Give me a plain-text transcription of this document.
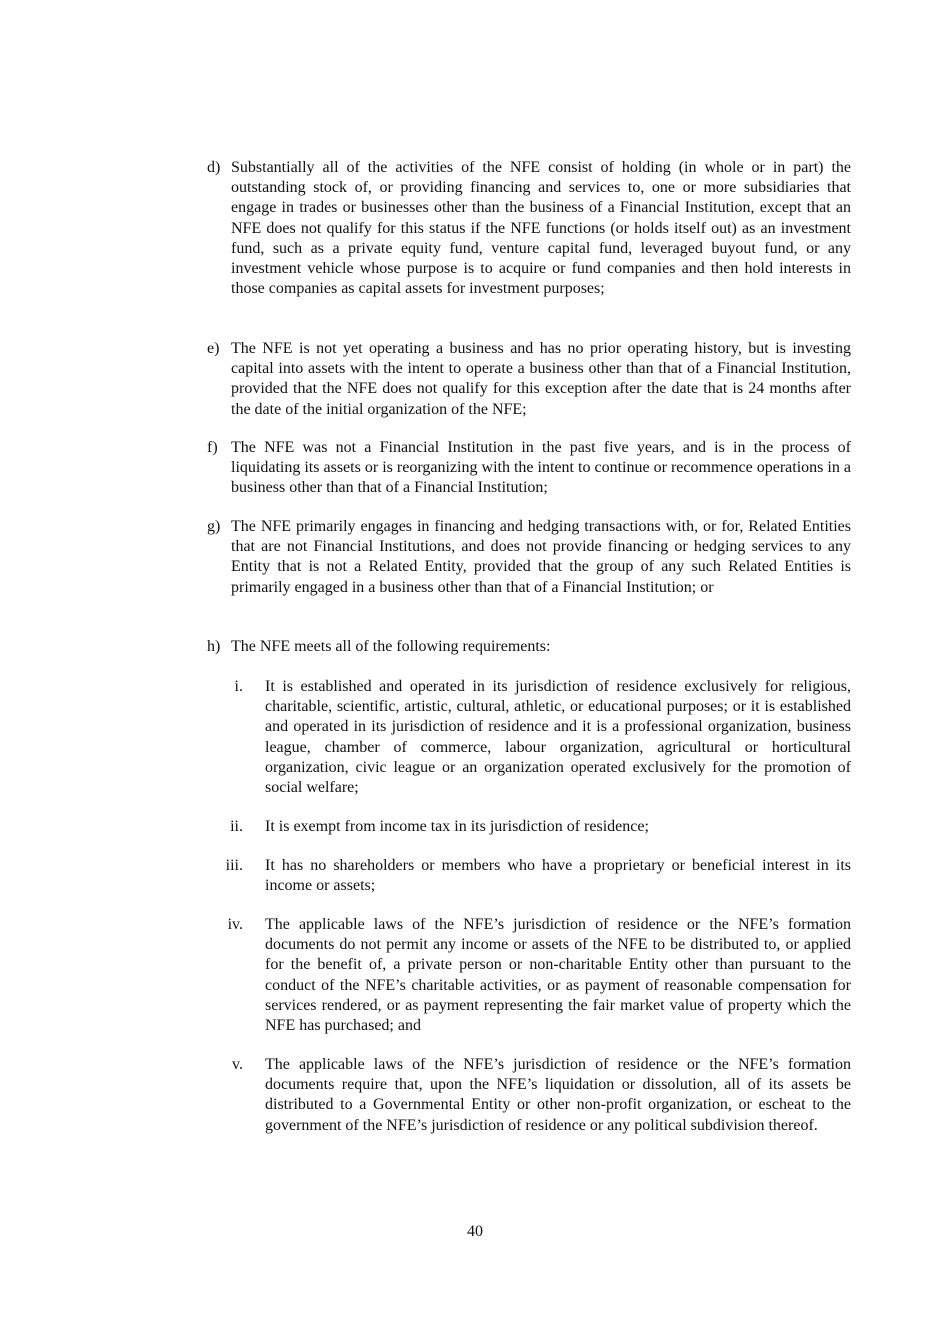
d) Substantially all of the activities of the NFE consist of holding (in whole or in part) the outstanding stock of, or providing financing and services to, one or more subsidiaries that engage in trades or businesses other than the business of a Financial Institution, except that an NFE does not qualify for this status if the NFE functions (or holds itself out) as an investment fund, such as a private equity fund, venture capital fund, leveraged buyout fund, or any investment vehicle whose purpose is to acquire or fund companies and then hold interests in those companies as capital assets for investment purposes;
e) The NFE is not yet operating a business and has no prior operating history, but is investing capital into assets with the intent to operate a business other than that of a Financial Institution, provided that the NFE does not qualify for this exception after the date that is 24 months after the date of the initial organization of the NFE;
f) The NFE was not a Financial Institution in the past five years, and is in the process of liquidating its assets or is reorganizing with the intent to continue or recommence operations in a business other than that of a Financial Institution;
g) The NFE primarily engages in financing and hedging transactions with, or for, Related Entities that are not Financial Institutions, and does not provide financing or hedging services to any Entity that is not a Related Entity, provided that the group of any such Related Entities is primarily engaged in a business other than that of a Financial Institution; or
h) The NFE meets all of the following requirements:
i. It is established and operated in its jurisdiction of residence exclusively for religious, charitable, scientific, artistic, cultural, athletic, or educational purposes; or it is established and operated in its jurisdiction of residence and it is a professional organization, business league, chamber of commerce, labour organization, agricultural or horticultural organization, civic league or an organization operated exclusively for the promotion of social welfare;
ii. It is exempt from income tax in its jurisdiction of residence;
iii. It has no shareholders or members who have a proprietary or beneficial interest in its income or assets;
iv. The applicable laws of the NFE’s jurisdiction of residence or the NFE’s formation documents do not permit any income or assets of the NFE to be distributed to, or applied for the benefit of, a private person or non-charitable Entity other than pursuant to the conduct of the NFE’s charitable activities, or as payment of reasonable compensation for services rendered, or as payment representing the fair market value of property which the NFE has purchased; and
v. The applicable laws of the NFE’s jurisdiction of residence or the NFE’s formation documents require that, upon the NFE’s liquidation or dissolution, all of its assets be distributed to a Governmental Entity or other non-profit organization, or escheat to the government of the NFE’s jurisdiction of residence or any political subdivision thereof.
40
